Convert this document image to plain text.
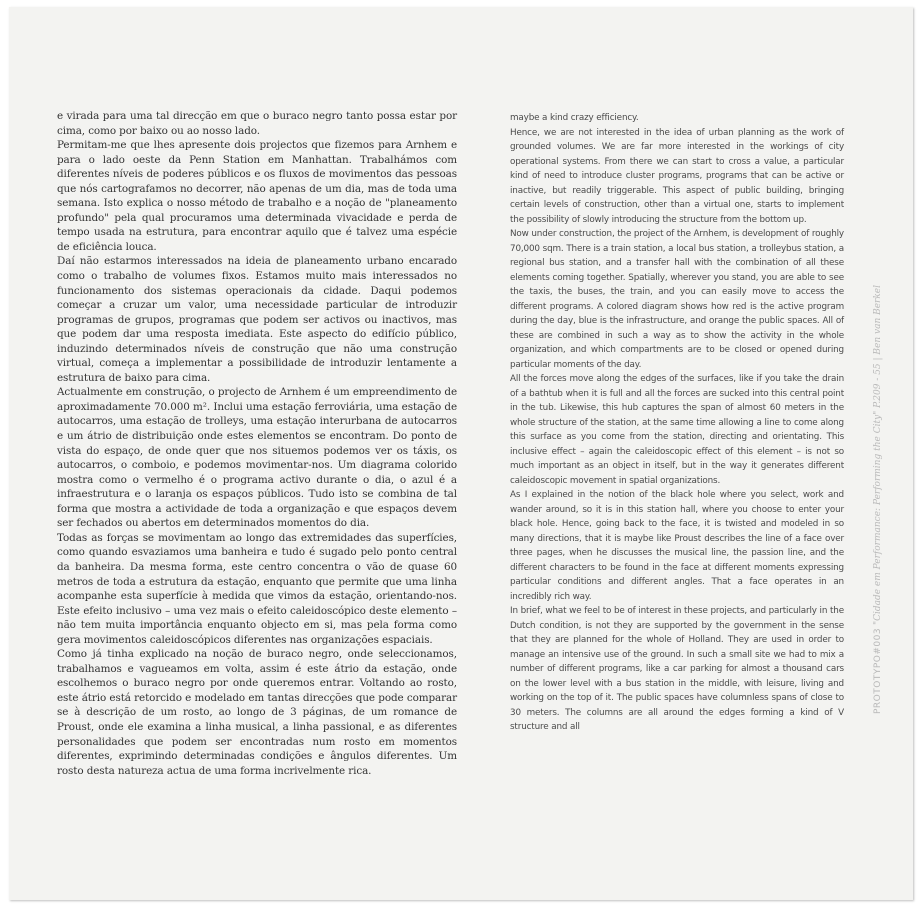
e virada para uma tal direcção em que o buraco negro tanto possa estar por cima, como por baixo ou ao nosso lado.

Permitam-me que lhes apresente dois projectos que fizemos para Arnhem e para o lado oeste da Penn Station em Manhattan. Trabalhámos com diferentes níveis de poderes públicos e os fluxos de movimentos das pessoas que nós cartografamos no decorrer, não apenas de um dia, mas de toda uma semana. Isto explica o nosso método de trabalho e a noção de "planeamento profundo" pela qual procuramos uma determinada vivacidade e perda de tempo usada na estrutura, para encontrar aquilo que é talvez uma espécie de eficiência louca.

Daí não estarmos interessados na ideia de planeamento urbano encarado como o trabalho de volumes fixos. Estamos muito mais interessados no funcionamento dos sistemas operacionais da cidade. Daqui podemos começar a cruzar um valor, uma necessidade particular de introduzir programas de grupos, programas que podem ser activos ou inactivos, mas que podem dar uma resposta imediata. Este aspecto do edifício público, induzindo determinados níveis de construção que não uma construção virtual, começa a implementar a possibilidade de introduzir lentamente a estrutura de baixo para cima.

Actualmente em construção, o projecto de Arnhem é um empreendimento de aproximadamente 70.000 m². Inclui uma estação ferroviária, uma estação de autocarros, uma estação de trolleys, uma estação interurbana de autocarros e um átrio de distribuição onde estes elementos se encontram. Do ponto de vista do espaço, de onde quer que nos situemos podemos ver os táxis, os autocarros, o comboio, e podemos movimentar-nos. Um diagrama colorido mostra como o vermelho é o programa activo durante o dia, o azul é a infraestrutura e o laranja os espaços públicos. Tudo isto se combina de tal forma que mostra a actividade de toda a organização e que espaços devem ser fechados ou abertos em determinados momentos do dia.

Todas as forças se movimentam ao longo das extremidades das superfícies, como quando esvaziamos uma banheira e tudo é sugado pelo ponto central da banheira. Da mesma forma, este centro concentra o vão de quase 60 metros de toda a estrutura da estação, enquanto que permite que uma linha acompanhe esta superfície à medida que vimos da estação, orientando-nos. Este efeito inclusivo – uma vez mais o efeito caleidoscópico deste elemento – não tem muita importância enquanto objecto em si, mas pela forma como gera movimentos caleidoscópicos diferentes nas organizações espaciais.

Como já tinha explicado na noção de buraco negro, onde seleccionamos, trabalhamos e vagueamos em volta, assim é este átrio da estação, onde escolhemos o buraco negro por onde queremos entrar. Voltando ao rosto, este átrio está retorcido e modelado em tantas direcções que pode comparar se à descrição de um rosto, ao longo de 3 páginas, de um romance de Proust, onde ele examina a linha musical, a linha passional, e as diferentes personalidades que podem ser encontradas num rosto em momentos diferentes, exprimindo determinadas condições e ângulos diferentes. Um rosto desta natureza actua de uma forma incrivelmente rica.

maybe a kind crazy efficiency.

Hence, we are not interested in the idea of urban planning as the work of grounded volumes. We are far more interested in the workings of city operational systems. From there we can start to cross a value, a particular kind of need to introduce cluster programs, programs that can be active or inactive, but readily triggerable. This aspect of public building, bringing certain levels of construction, other than a virtual one, starts to implement the possibility of slowly introducing the structure from the bottom up.

Now under construction, the project of the Arnhem, is development of roughly 70,000 sqm. There is a train station, a local bus station, a trolleybus station, a regional bus station, and a transfer hall with the combination of all these elements coming together. Spatially, wherever you stand, you are able to see the taxis, the buses, the train, and you can easily move to access the different programs. A colored diagram shows how red is the active program during the day, blue is the infrastructure, and orange the public spaces. All of these are combined in such a way as to show the activity in the whole organization, and which compartments are to be closed or opened during particular moments of the day.

All the forces move along the edges of the surfaces, like if you take the drain of a bathtub when it is full and all the forces are sucked into this central point in the tub. Likewise, this hub captures the span of almost 60 meters in the whole structure of the station, at the same time allowing a line to come along this surface as you come from the station, directing and orientating. This inclusive effect – again the caleidoscopic effect of this element – is not so much important as an object in itself, but in the way it generates different caleidoscopic movement in spatial organizations.

As I explained in the notion of the black hole where you select, work and wander around, so it is in this station hall, where you choose to enter your black hole. Hence, going back to the face, it is twisted and modeled in so many directions, that it is maybe like Proust describes the line of a face over three pages, when he discusses the musical line, the passion line, and the different characters to be found in the face at different moments expressing particular conditions and different angles. That a face operates in an incredibly rich way.

In brief, what we feel to be of interest in these projects, and particularly in the Dutch condition, is not they are supported by the government in the sense that they are planned for the whole of Holland. They are used in order to manage an intensive use of the ground. In such a small site we had to mix a number of different programs, like a car parking for almost a thousand cars on the lower level with a bus station in the middle, with leisure, living and working on the top of it. The public spaces have columnless spans of close to 30 meters. The columns are all around the edges forming a kind of V structure and all

PROTOTYPO#003 "Cidade em Performance: Performing the City" P.209 - 55 | Ben van Berkel
